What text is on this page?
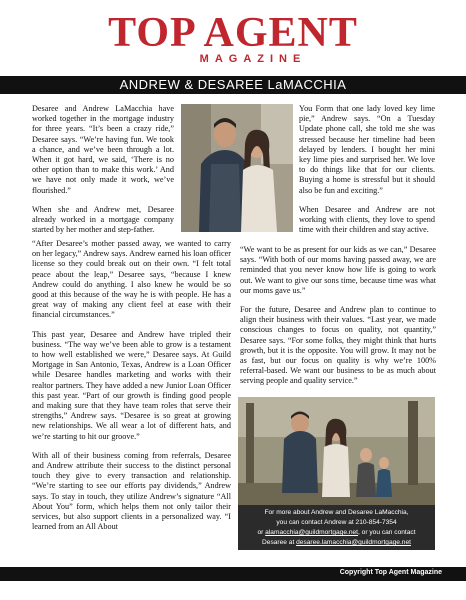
TOP AGENT
MAGAZINE
ANDREW & DESAREE LaMACCHIA

Desaree and Andrew LaMacchia have worked together in the mortgage industry for three years. “It’s been a crazy ride,” Desaree says. “We’re having fun. We took a chance, and we’ve been through a lot. When it got hard, we said, ‘There is no other option than to make this work.’ And we have not only made it work, we’ve flourished.”

When she and Andrew met, Desaree already worked in a mortgage company started by her mother and step-father.

You Form that one lady loved key lime pie,” Andrew says. “On a Tuesday Update phone call, she told me she was stressed because her timeline had been delayed by lenders. I bought her mini key lime pies and surprised her. We love to do things like that for our clients. Buying a home is stressful but it should also be fun and exciting.”

When Desaree and Andrew are not working with clients, they love to spend time with their children and stay active.

“After Desaree’s mother passed away, we wanted to carry on her legacy,” Andrew says. Andrew earned his loan officer license so they could break out on their own. “I felt total peace about the leap,” Desaree says, “because I knew Andrew could do anything. I also knew he would be so good at this because of the way he is with people. He has a great way of making any client feel at ease with their financial circumstances.”

This past year, Desaree and Andrew have tripled their business. “The way we’ve been able to grow is a testament to how well established we were,” Desaree says. At Guild Mortgage in San Antonio, Texas, Andrew is a Loan Officer while Desaree handles marketing and works with their realtor partners. They have added a new Junior Loan Officer this past year. “Part of our growth is finding good people and making sure that they have team roles that serve their strengths,” Andrew says. “Desaree is so great at growing new relationships. We all wear a lot of different hats, and we’re starting to hit our groove.”

With all of their business coming from referrals, Desaree and Andrew attribute their success to the distinct personal touch they give to every transaction and relationship. “We’re starting to see our efforts pay dividends,” Andrew says. To stay in touch, they utilize Andrew’s signature “All About You” form, which helps them not only tailor their services, but also support clients in a personalized way. “I learned from an All About

“We want to be as present for our kids as we can,” Desaree says. “With both of our moms having passed away, we are reminded that you never know how life is going to work out. We want to give our sons time, because time was what our moms gave us.”

For the future, Desaree and Andrew plan to continue to align their business with their values. “Last year, we made conscious changes to focus on quality, not quantity,” Desaree says. “For some folks, they might think that hurts growth, but it is the opposite. You will grow. It may not be as fast, but our focus on quality is why we’re 100% referral-based. We want our business to be as much about serving people and quality service.”

For more about Andrew and Desaree LaMacchia,
you can contact Andrew at 210-854-7354
or alamacchia@guildmortgage.net, or you can contact
Desaree at desaree.lamacchia@guildmortgage.net
Copyright Top Agent Magazine
